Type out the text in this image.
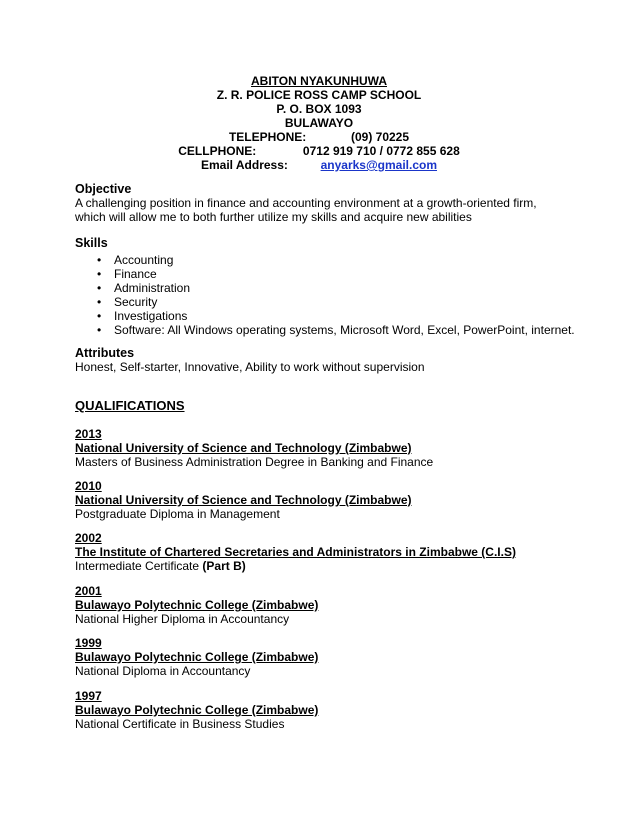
ABITON NYAKUNHUWA
Z. R. POLICE ROSS CAMP SCHOOL
P. O. BOX 1093
BULAWAYO
TELEPHONE:	(09) 70225
CELLPHONE:	0712 919 710 / 0772 855 628
Email Address:	anyarks@gmail.com
Objective
A challenging position in finance and accounting environment at a growth-oriented firm, which will allow me to both further utilize my skills and acquire new abilities
Skills
• Accounting
• Finance
• Administration
• Security
• Investigations
• Software: All Windows operating systems, Microsoft Word, Excel, PowerPoint, internet.
Attributes
Honest, Self-starter, Innovative, Ability to work without supervision
QUALIFICATIONS
2013
National University of Science and Technology (Zimbabwe)
Masters of Business Administration Degree in Banking and Finance
2010
National University of Science and Technology (Zimbabwe)
Postgraduate Diploma in Management
2002
The Institute of Chartered Secretaries and Administrators in Zimbabwe (C.I.S)
Intermediate Certificate (Part B)
2001
Bulawayo Polytechnic College (Zimbabwe)
National Higher Diploma in Accountancy
1999
Bulawayo Polytechnic College (Zimbabwe)
National Diploma in Accountancy
1997
Bulawayo Polytechnic College (Zimbabwe)
National Certificate in Business Studies
